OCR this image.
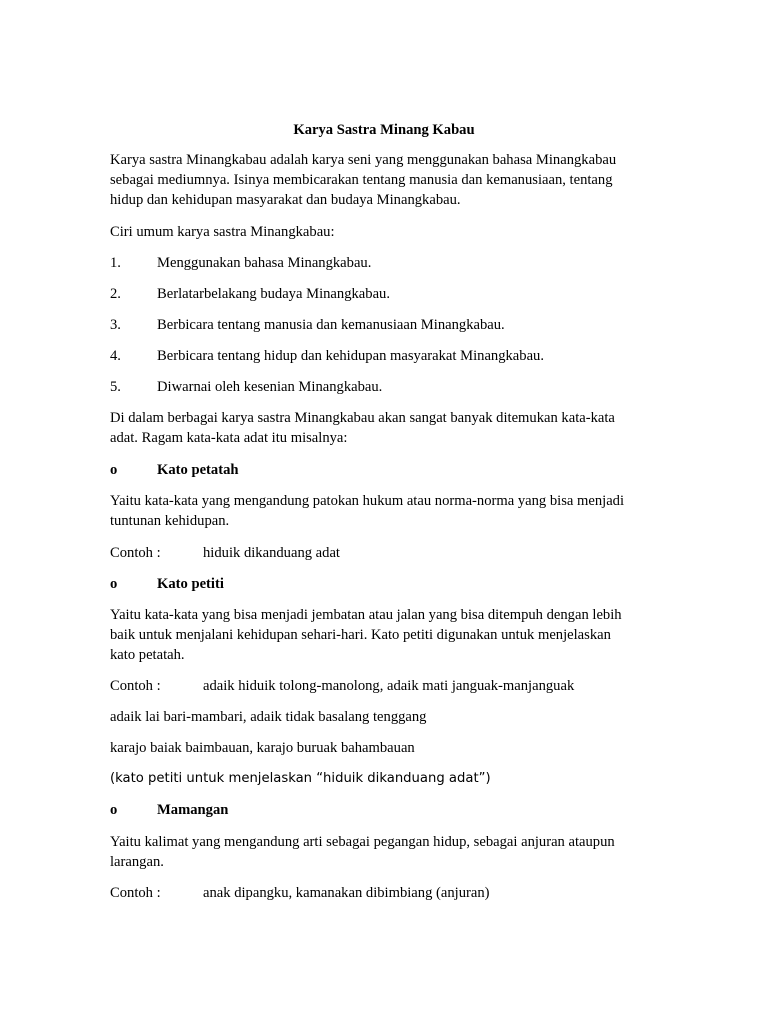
Karya Sastra Minang Kabau
Karya sastra Minangkabau adalah karya seni yang menggunakan bahasa Minangkabau
sebagai mediumnya. Isinya membicarakan tentang manusia dan kemanusiaan, tentang
hidup dan kehidupan masyarakat dan budaya Minangkabau.
Ciri umum karya sastra Minangkabau:
1. Menggunakan bahasa Minangkabau.
2. Berlatarbelakang budaya Minangkabau.
3. Berbicara tentang manusia dan kemanusiaan Minangkabau.
4. Berbicara tentang hidup dan kehidupan masyarakat Minangkabau.
5. Diwarnai oleh kesenian Minangkabau.
Di dalam berbagai karya sastra Minangkabau akan sangat banyak ditemukan kata-kata
adat. Ragam kata-kata adat itu misalnya:
o	Kato petatah
Yaitu kata-kata yang mengandung patokan hukum atau norma-norma yang bisa menjadi
tuntunan kehidupan.
Contoh :	hiduik dikanduang adat
o	Kato petiti
Yaitu kata-kata yang bisa menjadi jembatan atau jalan yang bisa ditempuh dengan lebih
baik untuk menjalani kehidupan sehari-hari. Kato petiti digunakan untuk menjelaskan
kato petatah.
Contoh :	adaik hiduik tolong-manolong, adaik mati janguak-manjanguak
adaik lai bari-mambari, adaik tidak basalang tenggang
karajo baiak baimbauan, karajo buruak bahambauan
(kato petiti untuk menjelaskan “hiduik dikanduang adat”)
o	Mamangan
Yaitu kalimat yang mengandung arti sebagai pegangan hidup, sebagai anjuran ataupun
larangan.
Contoh :	anak dipangku, kamanakan dibimbiang (anjuran)
